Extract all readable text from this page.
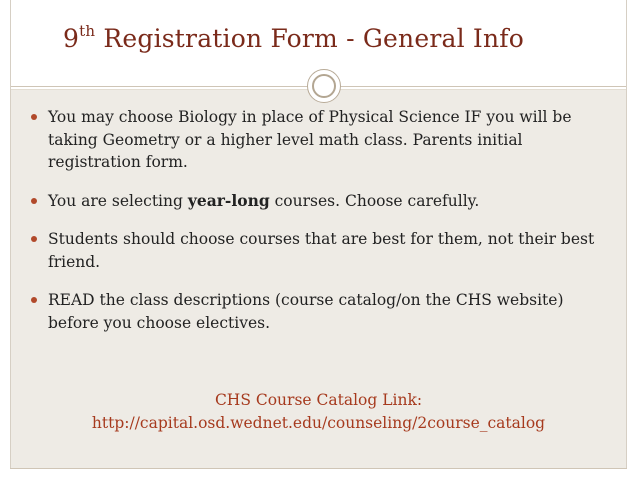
9th Registration Form - General Info
You may choose Biology in place of Physical Science IF you will be taking Geometry or a higher level math class. Parents initial registration form.
You are selecting year-long courses. Choose carefully.
Students should choose courses that are best for them, not their best friend.
READ the class descriptions (course catalog/on the CHS website) before you choose electives.
CHS Course Catalog Link:
http://capital.osd.wednet.edu/counseling/2course_catalog
